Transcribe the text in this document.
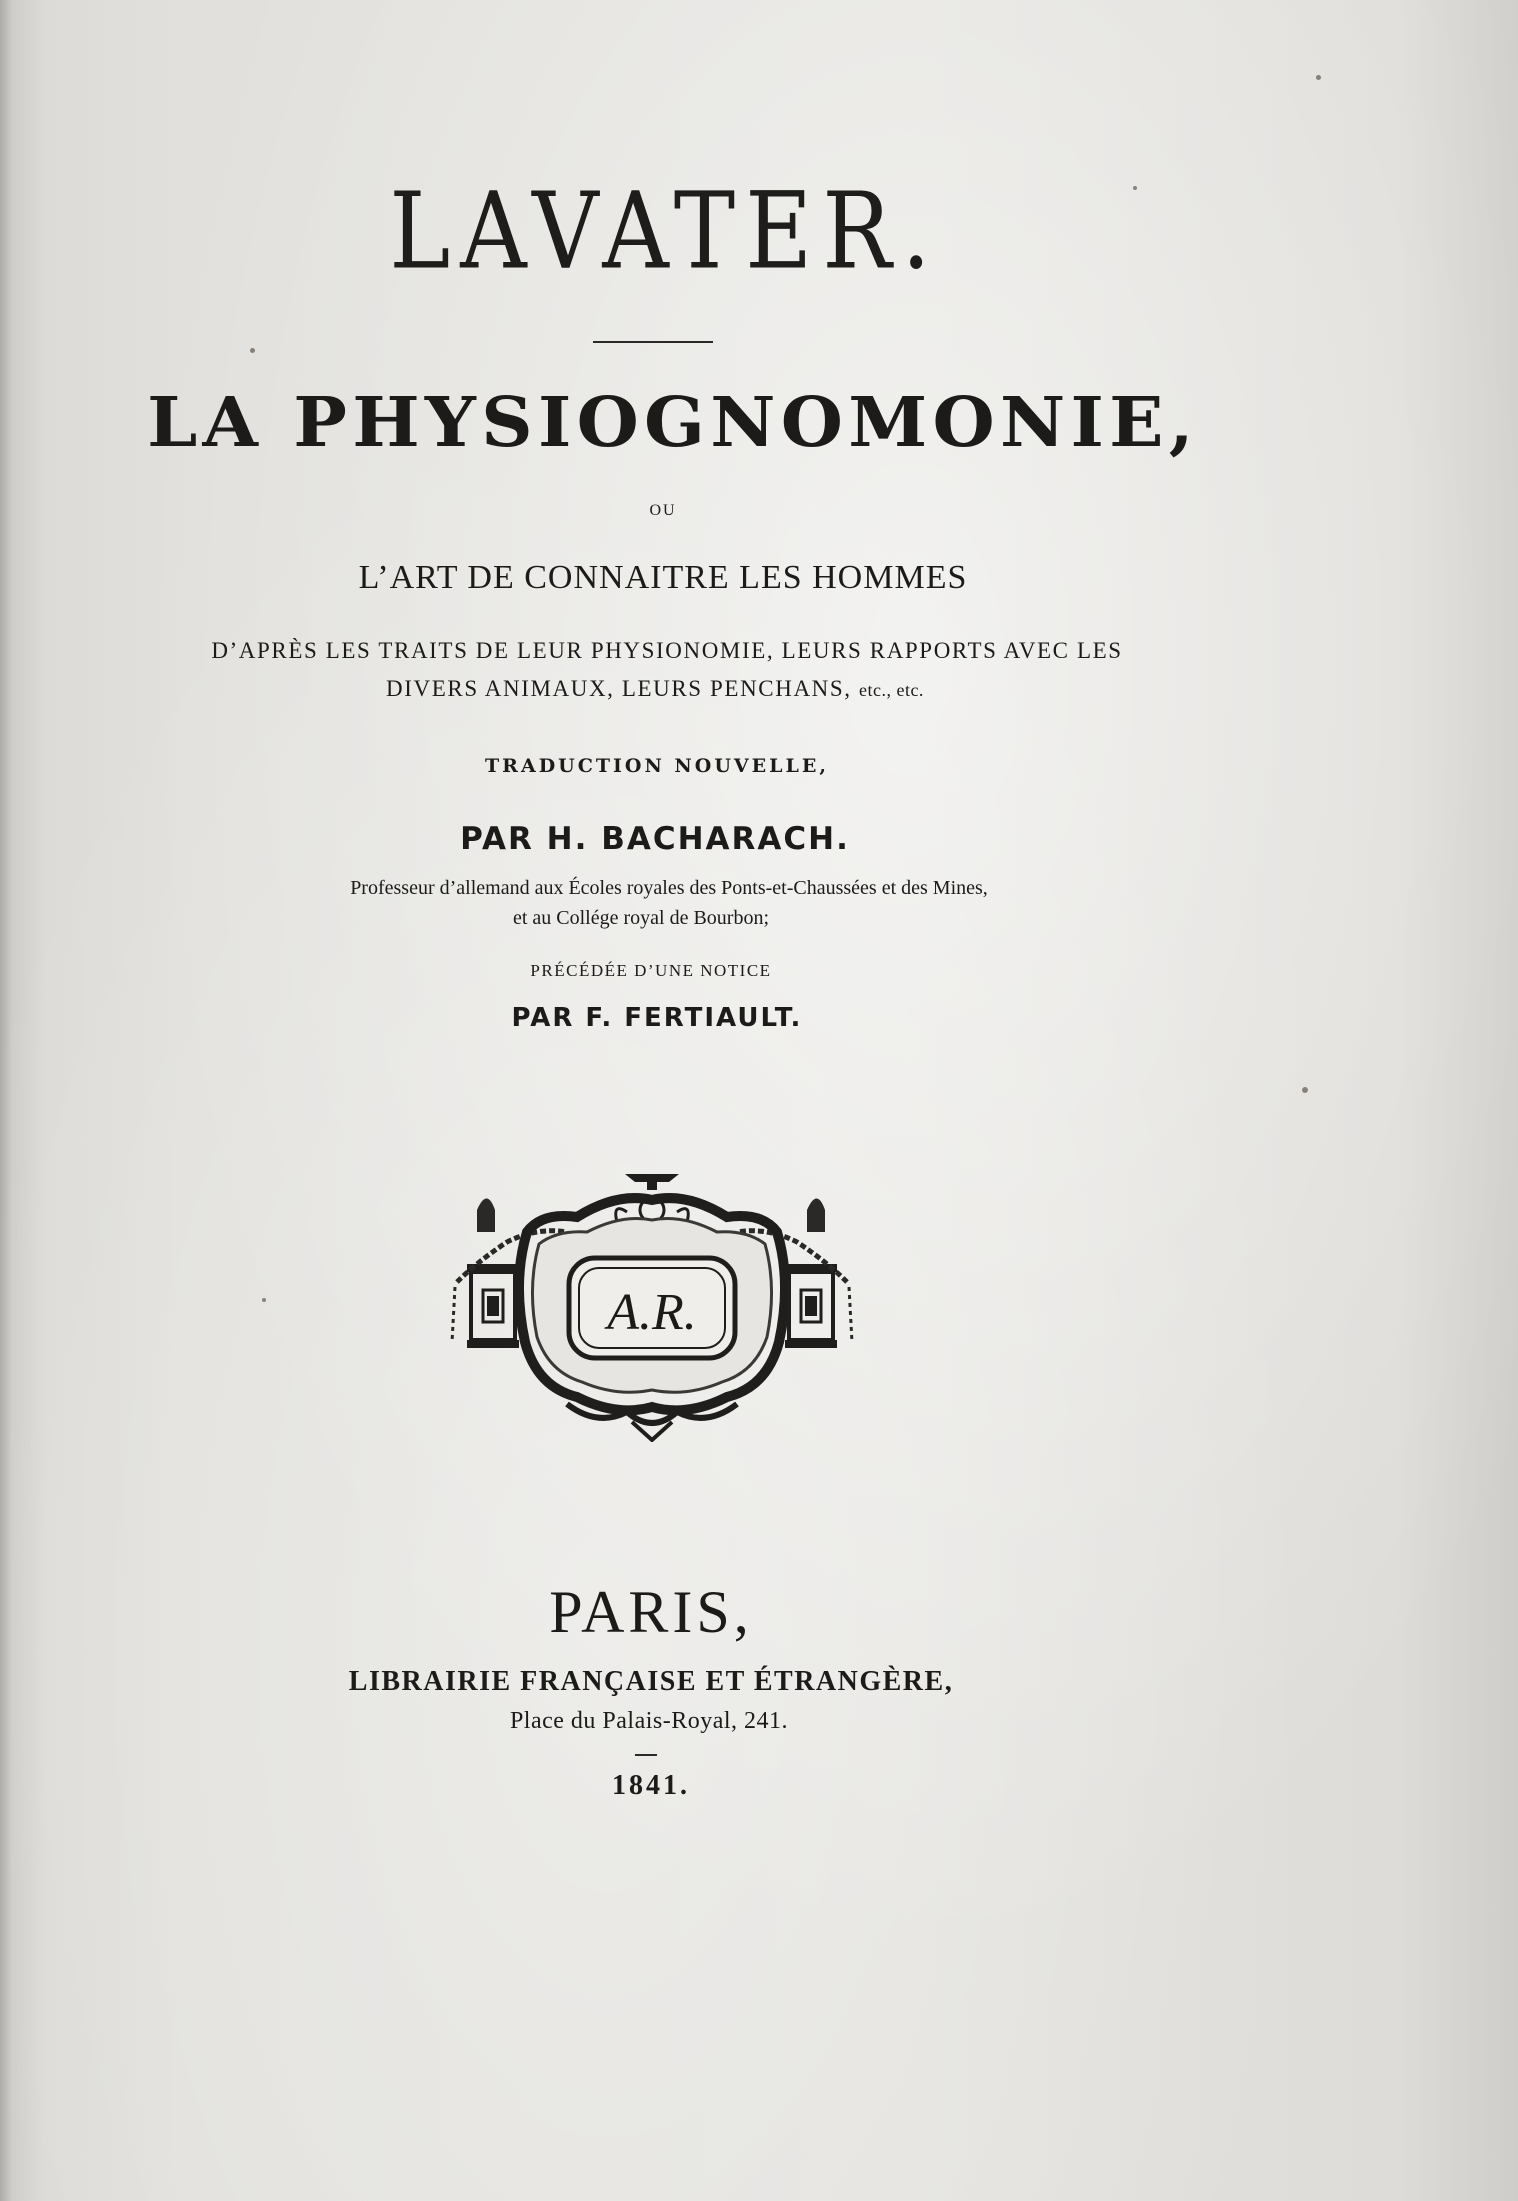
LAVATER.

LA PHYSIOGNOMONIE,

OU

L’ART DE CONNAITRE LES HOMMES

D’APRÈS LES TRAITS DE LEUR PHYSIONOMIE, LEURS RAPPORTS AVEC LES

DIVERS ANIMAUX, LEURS PENCHANS, etc., etc.

TRADUCTION NOUVELLE,

PAR H. BACHARACH.

Professeur d’allemand aux Écoles royales des Ponts-et-Chaussées et des Mines,

et au Collége royal de Bourbon;

PRÉCÉDÉE D’UNE NOTICE

PAR F. FERTIAULT.

A.R.

PARIS,

LIBRAIRIE FRANÇAISE ET ÉTRANGÈRE,

Place du Palais-Royal, 241.

1841.
